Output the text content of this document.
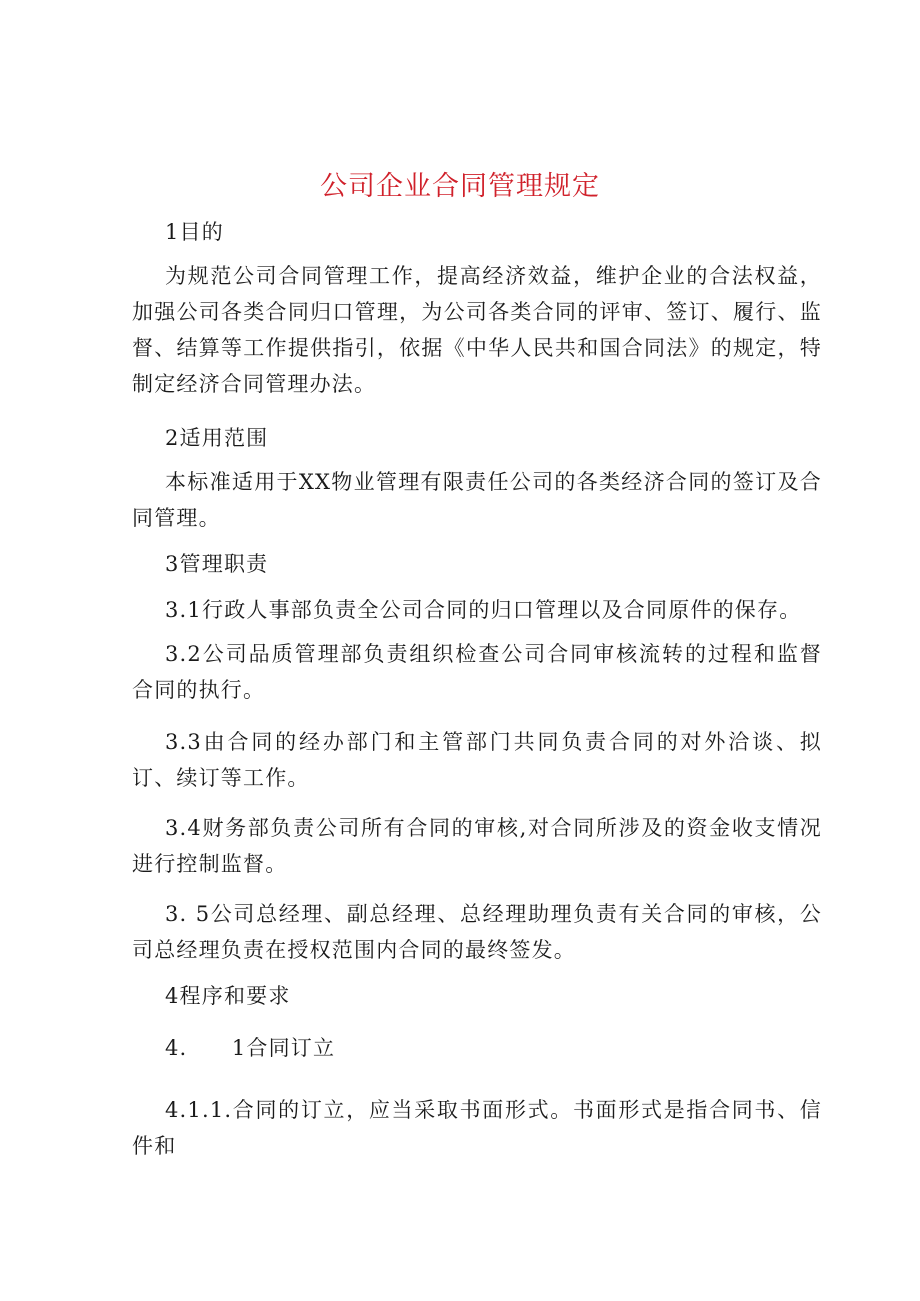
公司企业合同管理规定

1目的

为规范公司合同管理工作，提高经济效益，维护企业的合法权益，加强公司各类合同归口管理，为公司各类合同的评审、签订、履行、监督、结算等工作提供指引，依据《中华人民共和国合同法》的规定，特制定经济合同管理办法。

2适用范围

本标准适用于XX物业管理有限责任公司的各类经济合同的签订及合同管理。

3管理职责

3.1行政人事部负责全公司合同的归口管理以及合同原件的保存。

3.2公司品质管理部负责组织检查公司合同审核流转的过程和监督合同的执行。

3.3由合同的经办部门和主管部门共同负责合同的对外洽谈、拟订、续订等工作。

3.4财务部负责公司所有合同的审核,对合同所涉及的资金收支情况进行控制监督。

3. 5公司总经理、副总经理、总经理助理负责有关合同的审核，公司总经理负责在授权范围内合同的最终签发。

4程序和要求

4.　　1合同订立

4.1.1.合同的订立，应当采取书面形式。书面形式是指合同书、信件和
